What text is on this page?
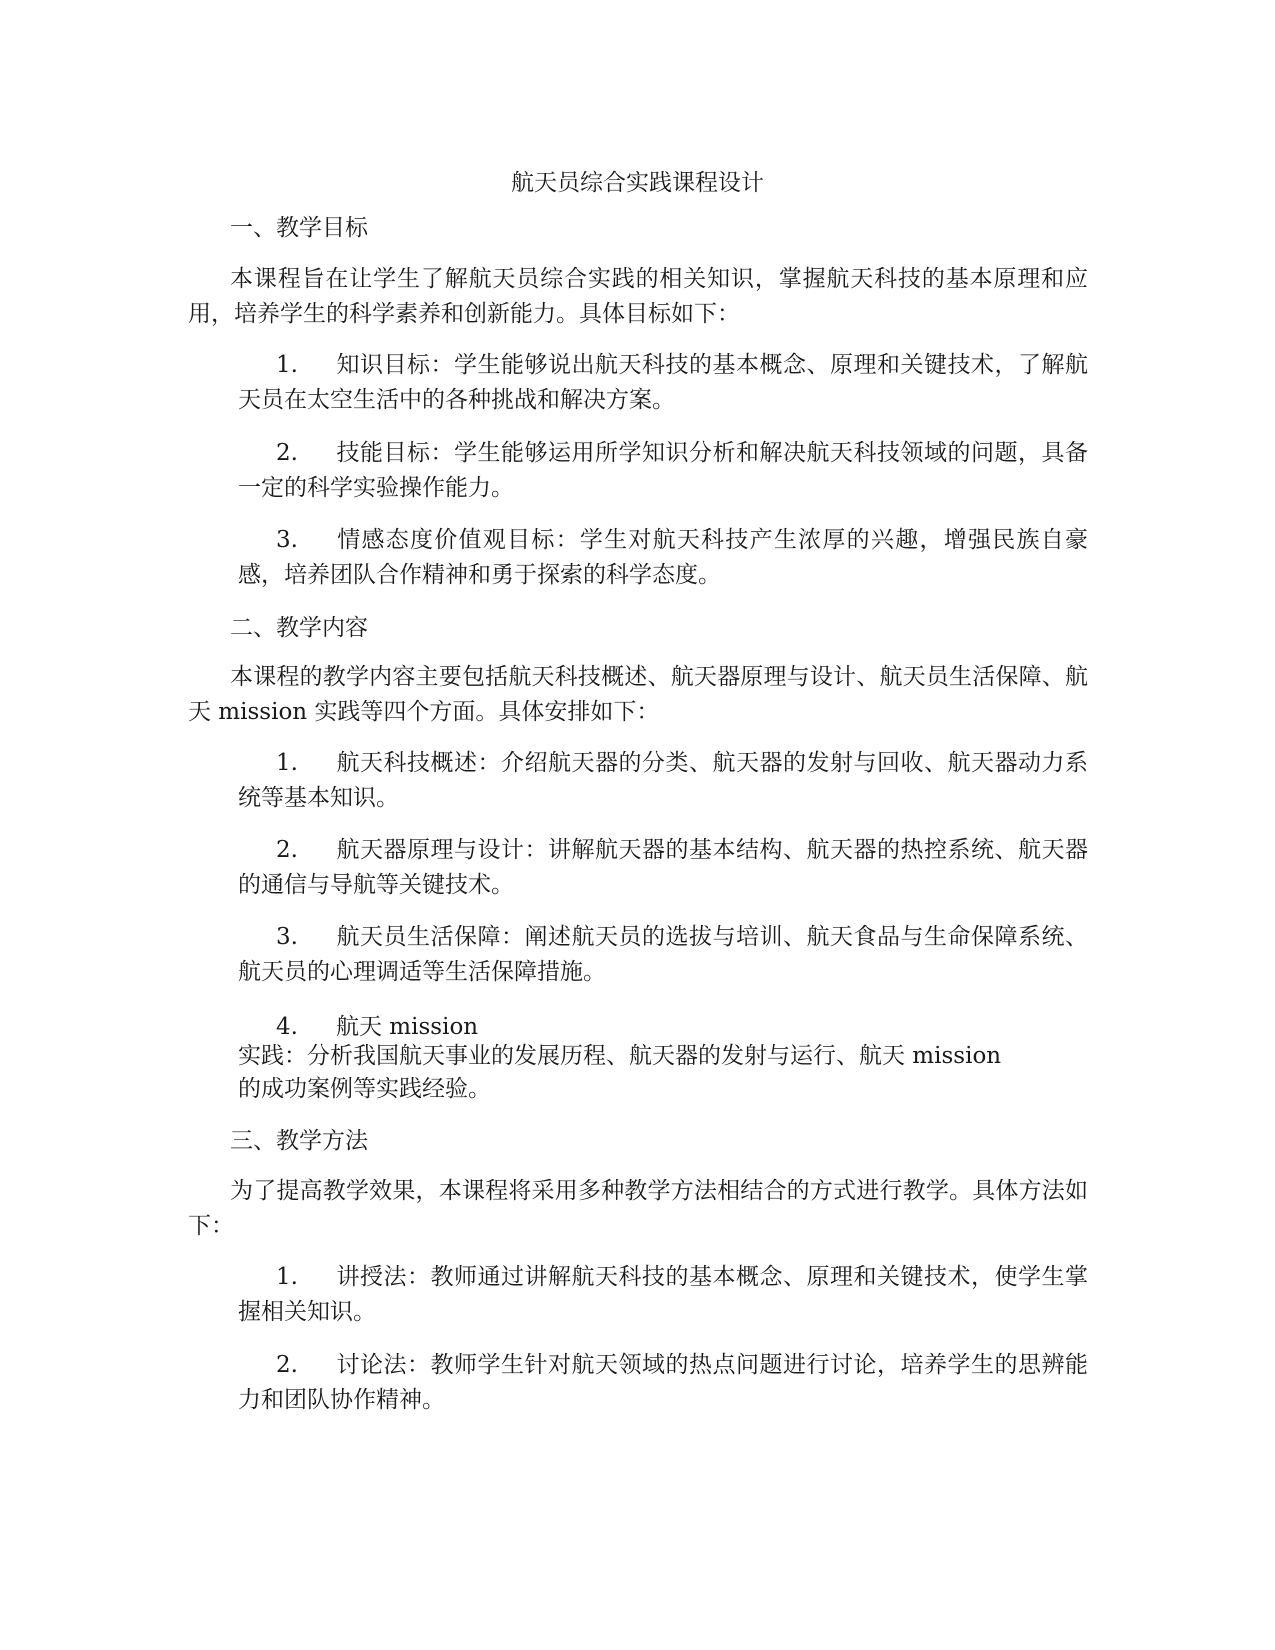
航天员综合实践课程设计
一、教学目标
本课程旨在让学生了解航天员综合实践的相关知识，掌握航天科技的基本原理和应用，培养学生的科学素养和创新能力。具体目标如下：
1. 知识目标：学生能够说出航天科技的基本概念、原理和关键技术，了解航天员在太空生活中的各种挑战和解决方案。
2. 技能目标：学生能够运用所学知识分析和解决航天科技领域的问题，具备一定的科学实验操作能力。
3. 情感态度价值观目标：学生对航天科技产生浓厚的兴趣，增强民族自豪感，培养团队合作精神和勇于探索的科学态度。
二、教学内容
本课程的教学内容主要包括航天科技概述、航天器原理与设计、航天员生活保障、航天 mission 实践等四个方面。具体安排如下：
1. 航天科技概述：介绍航天器的分类、航天器的发射与回收、航天器动力系统等基本知识。
2. 航天器原理与设计：讲解航天器的基本结构、航天器的热控系统、航天器的通信与导航等关键技术。
3. 航天员生活保障：阐述航天员的选拔与培训、航天食品与生命保障系统、航天员的心理调适等生活保障措施。
4. 航天 mission
实践：分析我国航天事业的发展历程、航天器的发射与运行、航天 mission
的成功案例等实践经验。
三、教学方法
为了提高教学效果，本课程将采用多种教学方法相结合的方式进行教学。具体方法如下：
1. 讲授法：教师通过讲解航天科技的基本概念、原理和关键技术，使学生掌握相关知识。
2. 讨论法：教师学生针对航天领域的热点问题进行讨论，培养学生的思辨能力和团队协作精神。
